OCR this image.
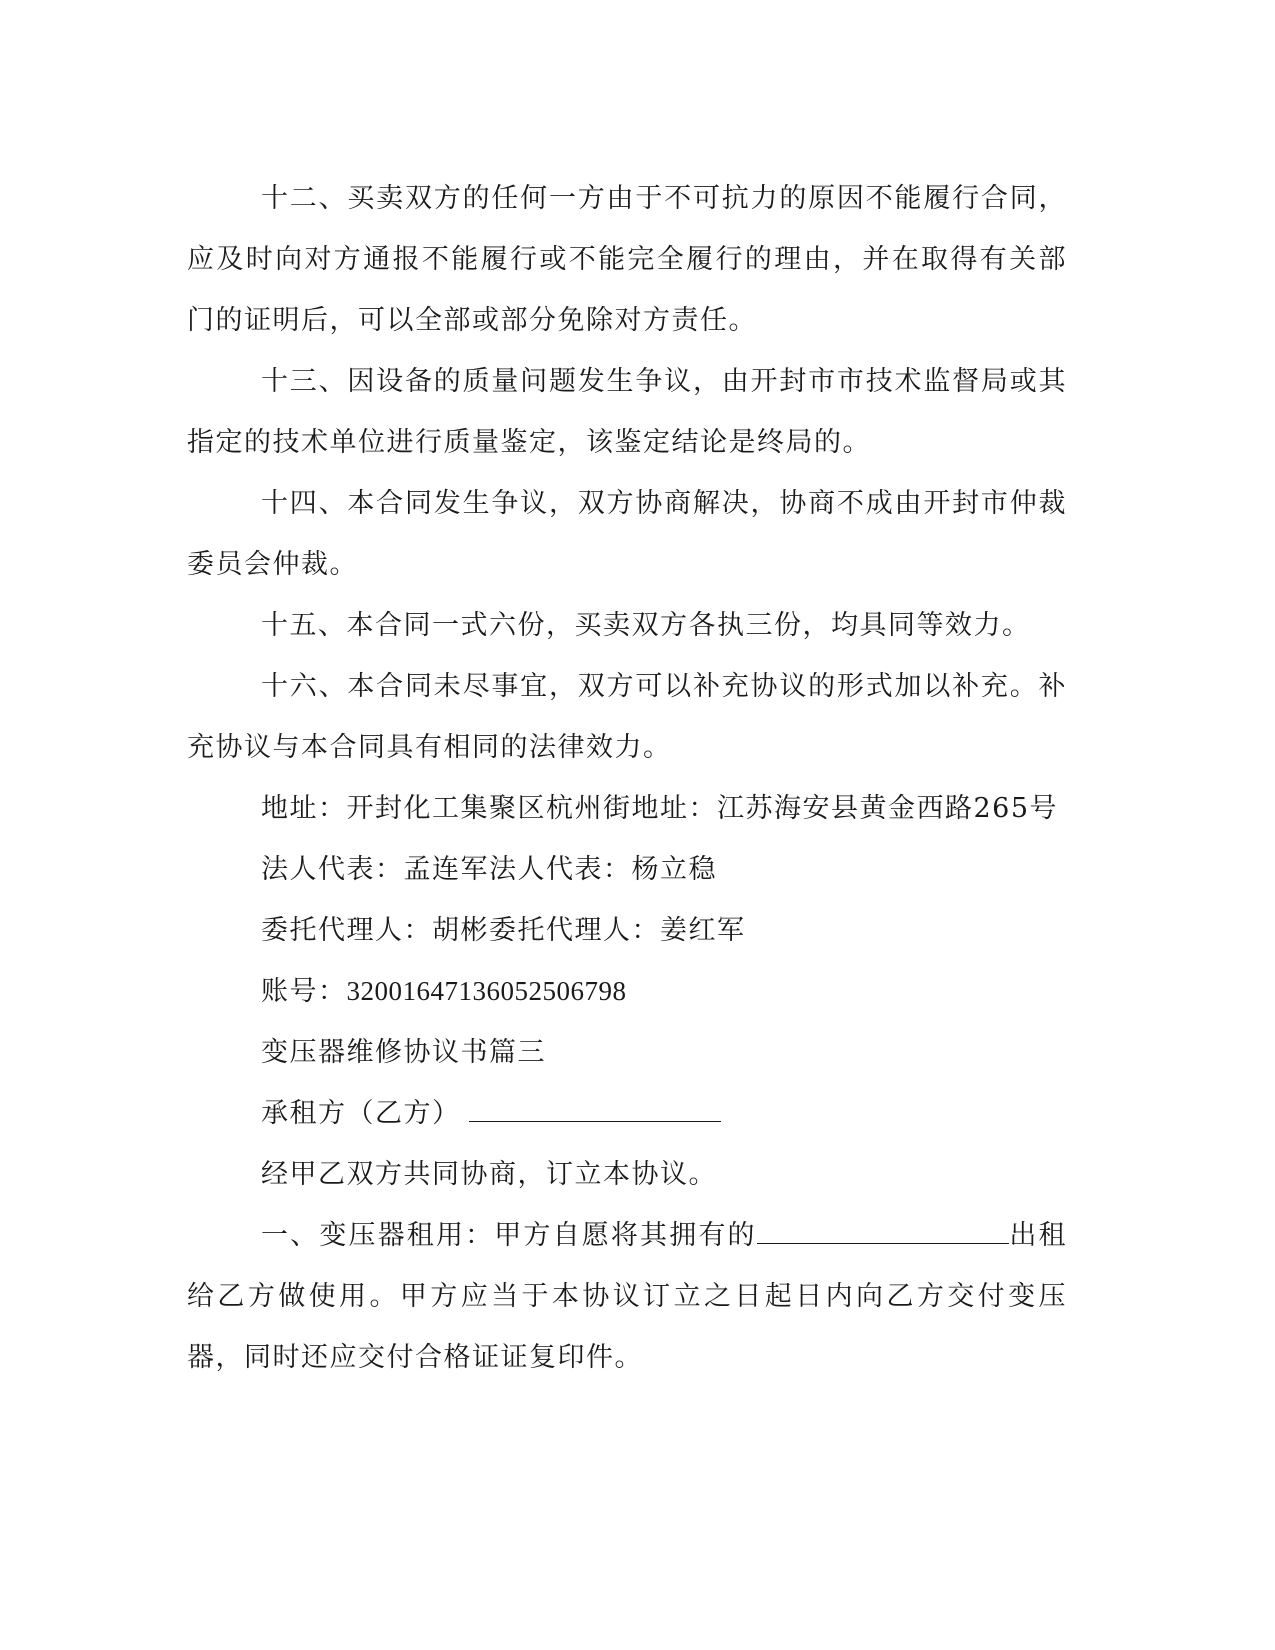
十二、买卖双方的任何一方由于不可抗力的原因不能履行合同，应及时向对方通报不能履行或不能完全履行的理由，并在取得有关部门的证明后，可以全部或部分免除对方责任。

十三、因设备的质量问题发生争议，由开封市市技术监督局或其指定的技术单位进行质量鉴定，该鉴定结论是终局的。

十四、本合同发生争议，双方协商解决，协商不成由开封市仲裁委员会仲裁。

十五、本合同一式六份，买卖双方各执三份，均具同等效力。

十六、本合同未尽事宜，双方可以补充协议的形式加以补充。补充协议与本合同具有相同的法律效力。

地址：开封化工集聚区杭州街地址：江苏海安县黄金西路265号

法人代表：孟连军法人代表：杨立稳

委托代理人：胡彬委托代理人：姜红军

账号：32001647136052506798

变压器维修协议书篇三

承租方（乙方）

经甲乙双方共同协商，订立本协议。

一、变压器租用：甲方自愿将其拥有的	出租给乙方做使用。甲方应当于本协议订立之日起日内向乙方交付变压器，同时还应交付合格证证复印件。
